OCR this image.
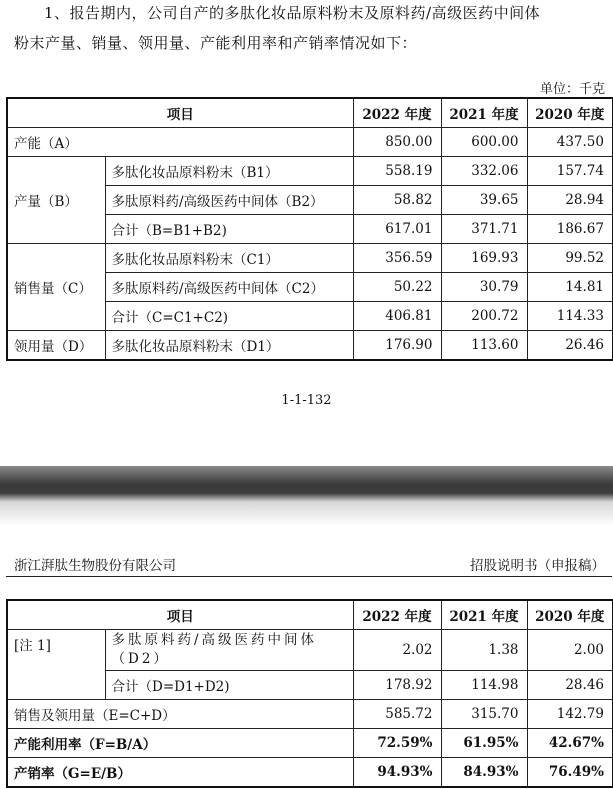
1、报告期内，公司自产的多肽化妆品原料粉末及原料药/高级医药中间体
粉末产量、销量、领用量、产能利用率和产销率情况如下：
单位：千克
项目		2022 年度	2021 年度	2020 年度
产能（A）		850.00	600.00	437.50
产量（B）	多肽化妆品原料粉末（B1）	558.19	332.06	157.74
	多肽原料药/高级医药中间体（B2）	58.82	39.65	28.94
	合计（B=B1+B2)	617.01	371.71	186.67
销售量（C）	多肽化妆品原料粉末（C1）	356.59	169.93	99.52
	多肽原料药/高级医药中间体（C2）	50.22	30.79	14.81
	合计（C=C1+C2)	406.81	200.72	114.33
领用量（D）	多肽化妆品原料粉末（D1）	176.90	113.60	26.46
1-1-132
浙江湃肽生物股份有限公司	招股说明书（申报稿）
项目		2022 年度	2021 年度	2020 年度
[注 1]	多肽原料药/高级医药中间体（D2）	2.02	1.38	2.00
	合计（D=D1+D2)	178.92	114.98	28.46
销售及领用量（E=C+D）		585.72	315.70	142.79
产能利用率（F=B/A）		72.59%	61.95%	42.67%
产销率（G=E/B）		94.93%	84.93%	76.49%
